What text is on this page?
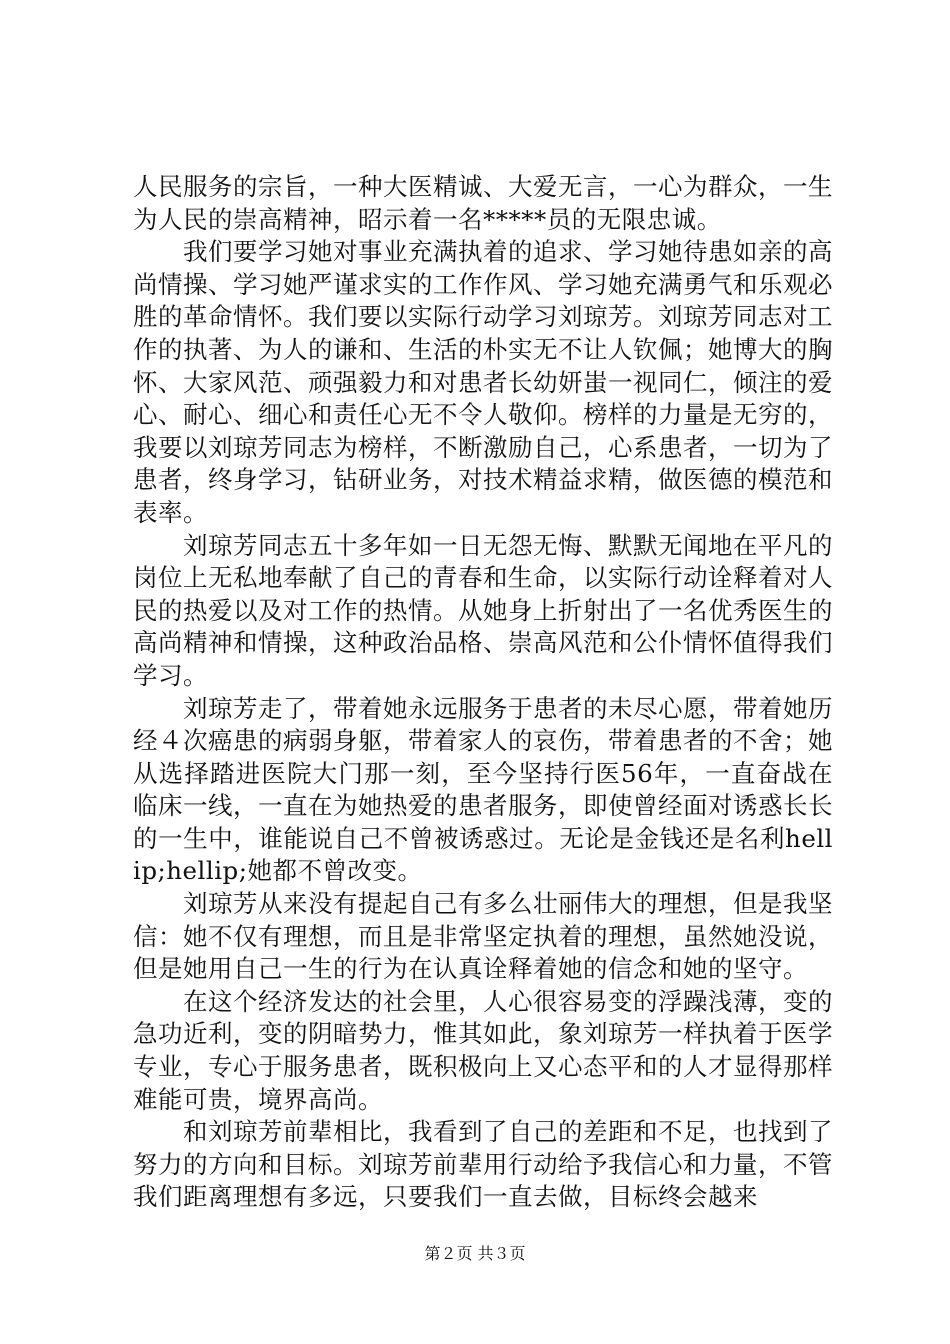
人民服务的宗旨，一种大医精诚、大爱无言，一心为群众，一生为人民的崇高精神，昭示着一名*****员的无限忠诚。

我们要学习她对事业充满执着的追求、学习她待患如亲的高尚情操、学习她严谨求实的工作作风、学习她充满勇气和乐观必胜的革命情怀。我们要以实际行动学习刘琼芳。刘琼芳同志对工作的执著、为人的谦和、生活的朴实无不让人钦佩；她博大的胸怀、大家风范、顽强毅力和对患者长幼妍蚩一视同仁，倾注的爱心、耐心、细心和责任心无不令人敬仰。榜样的力量是无穷的，我要以刘琼芳同志为榜样，不断激励自己，心系患者，一切为了患者，终身学习，钻研业务，对技术精益求精，做医德的模范和表率。

刘琼芳同志五十多年如一日无怨无悔、默默无闻地在平凡的岗位上无私地奉献了自己的青春和生命，以实际行动诠释着对人民的热爱以及对工作的热情。从她身上折射出了一名优秀医生的高尚精神和情操，这种政治品格、崇高风范和公仆情怀值得我们学习。

刘琼芳走了，带着她永远服务于患者的未尽心愿，带着她历经４次癌患的病弱身躯，带着家人的哀伤，带着患者的不舍；她从选择踏进医院大门那一刻，至今坚持行医56年，一直奋战在临床一线，一直在为她热爱的患者服务，即使曾经面对诱惑长长的一生中，谁能说自己不曾被诱惑过。无论是金钱还是名利hellip;hellip;她都不曾改变。

刘琼芳从来没有提起自己有多么壮丽伟大的理想，但是我坚信：她不仅有理想，而且是非常坚定执着的理想，虽然她没说，但是她用自己一生的行为在认真诠释着她的信念和她的坚守。

在这个经济发达的社会里，人心很容易变的浮躁浅薄，变的急功近利，变的阴暗势力，惟其如此，象刘琼芳一样执着于医学专业，专心于服务患者，既积极向上又心态平和的人才显得那样难能可贵，境界高尚。

和刘琼芳前辈相比，我看到了自己的差距和不足，也找到了努力的方向和目标。刘琼芳前辈用行动给予我信心和力量，不管我们距离理想有多远，只要我们一直去做，目标终会越来

第２页 共３页
